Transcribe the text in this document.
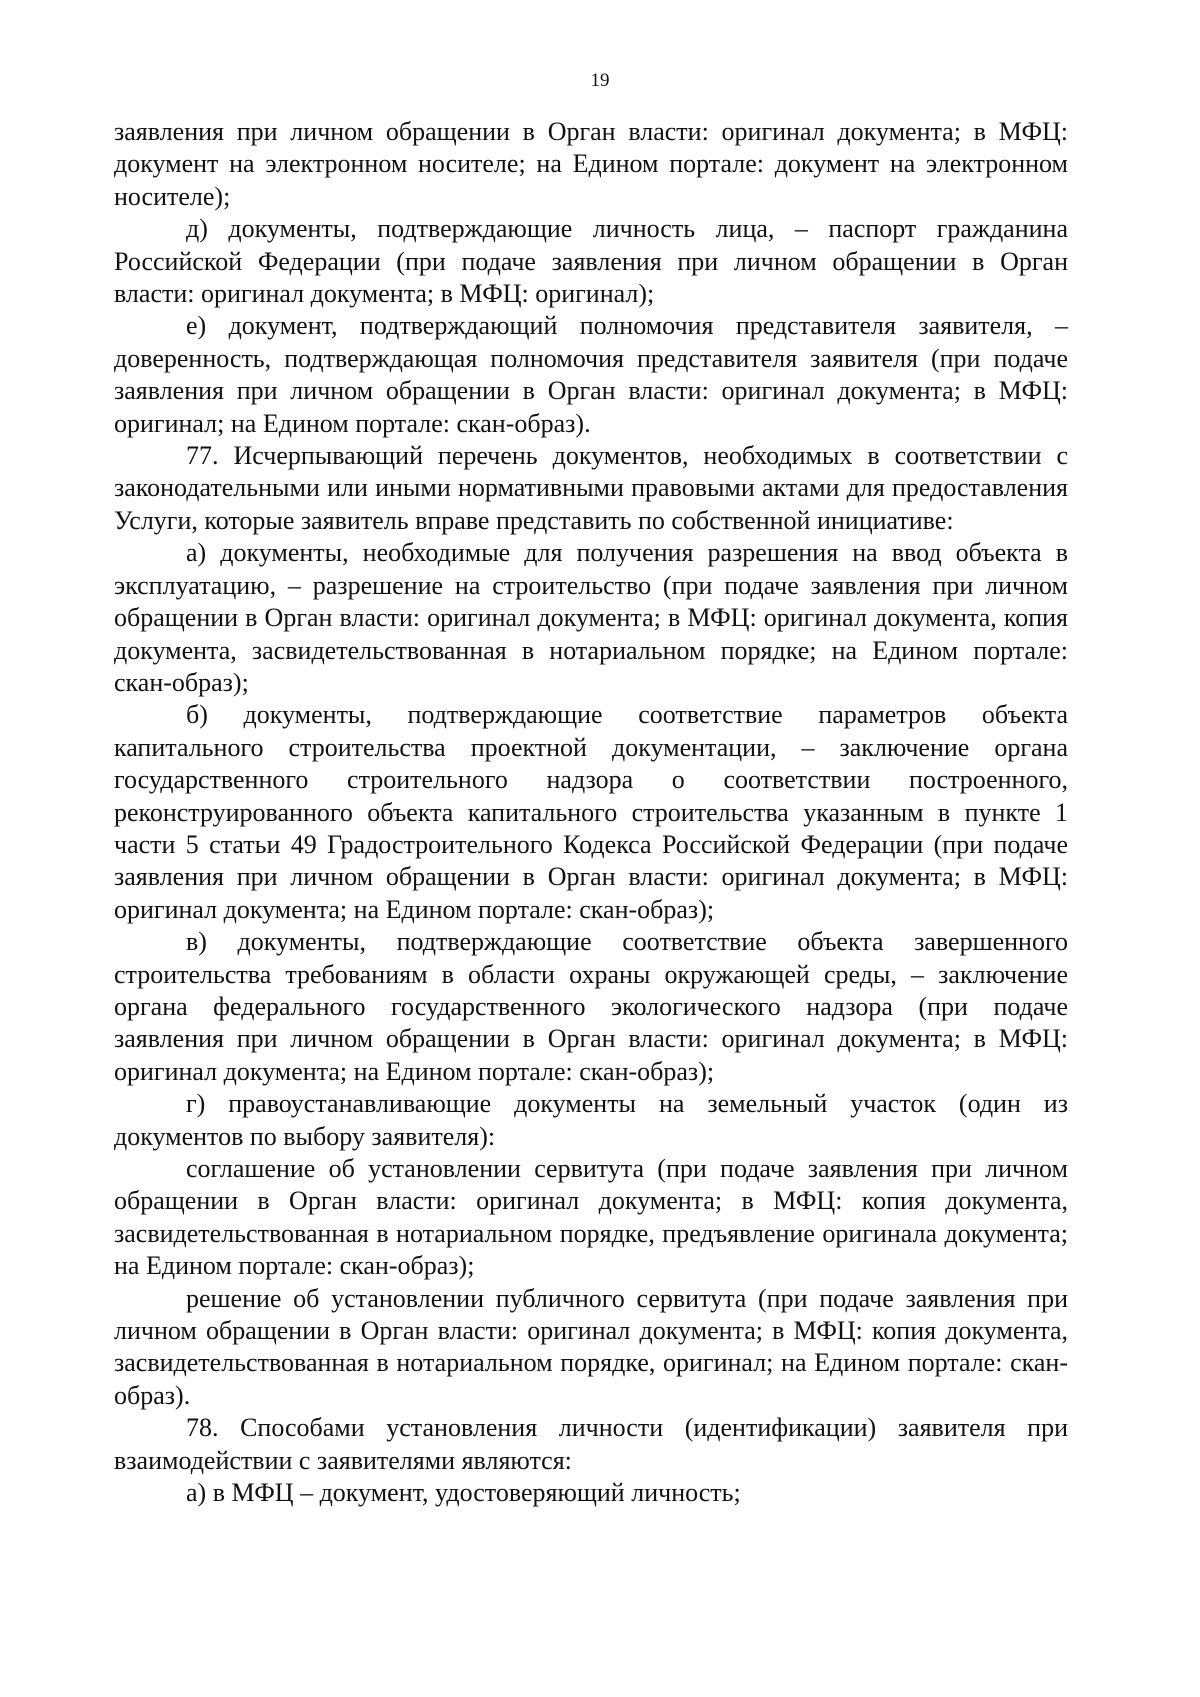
19

заявления при личном обращении в Орган власти: оригинал документа; в МФЦ: документ на электронном носителе; на Едином портале: документ на электронном носителе);

д) документы, подтверждающие личность лица, – паспорт гражданина Российской Федерации (при подаче заявления при личном обращении в Орган власти: оригинал документа; в МФЦ: оригинал);

е) документ, подтверждающий полномочия представителя заявителя, – доверенность, подтверждающая полномочия представителя заявителя (при подаче заявления при личном обращении в Орган власти: оригинал документа; в МФЦ: оригинал; на Едином портале: скан-образ).

77. Исчерпывающий перечень документов, необходимых в соответствии с законодательными или иными нормативными правовыми актами для предоставления Услуги, которые заявитель вправе представить по собственной инициативе:

а) документы, необходимые для получения разрешения на ввод объекта в эксплуатацию, – разрешение на строительство (при подаче заявления при личном обращении в Орган власти: оригинал документа; в МФЦ: оригинал документа, копия документа, засвидетельствованная в нотариальном порядке; на Едином портале: скан-образ);

б) документы, подтверждающие соответствие параметров объекта капитального строительства проектной документации, – заключение органа государственного строительного надзора о соответствии построенного, реконструированного объекта капитального строительства указанным в пункте 1 части 5 статьи 49 Градостроительного Кодекса Российской Федерации (при подаче заявления при личном обращении в Орган власти: оригинал документа; в МФЦ: оригинал документа; на Едином портале: скан-образ);

в) документы, подтверждающие соответствие объекта завершенного строительства требованиям в области охраны окружающей среды, – заключение органа федерального государственного экологического надзора (при подаче заявления при личном обращении в Орган власти: оригинал документа; в МФЦ: оригинал документа; на Едином портале: скан-образ);

г) правоустанавливающие документы на земельный участок (один из документов по выбору заявителя):

соглашение об установлении сервитута (при подаче заявления при личном обращении в Орган власти: оригинал документа; в МФЦ: копия документа, засвидетельствованная в нотариальном порядке, предъявление оригинала документа; на Едином портале: скан-образ);

решение об установлении публичного сервитута (при подаче заявления при личном обращении в Орган власти: оригинал документа; в МФЦ: копия документа, засвидетельствованная в нотариальном порядке, оригинал; на Едином портале: скан-образ).

78. Способами установления личности (идентификации) заявителя при взаимодействии с заявителями являются:

а) в МФЦ – документ, удостоверяющий личность;
